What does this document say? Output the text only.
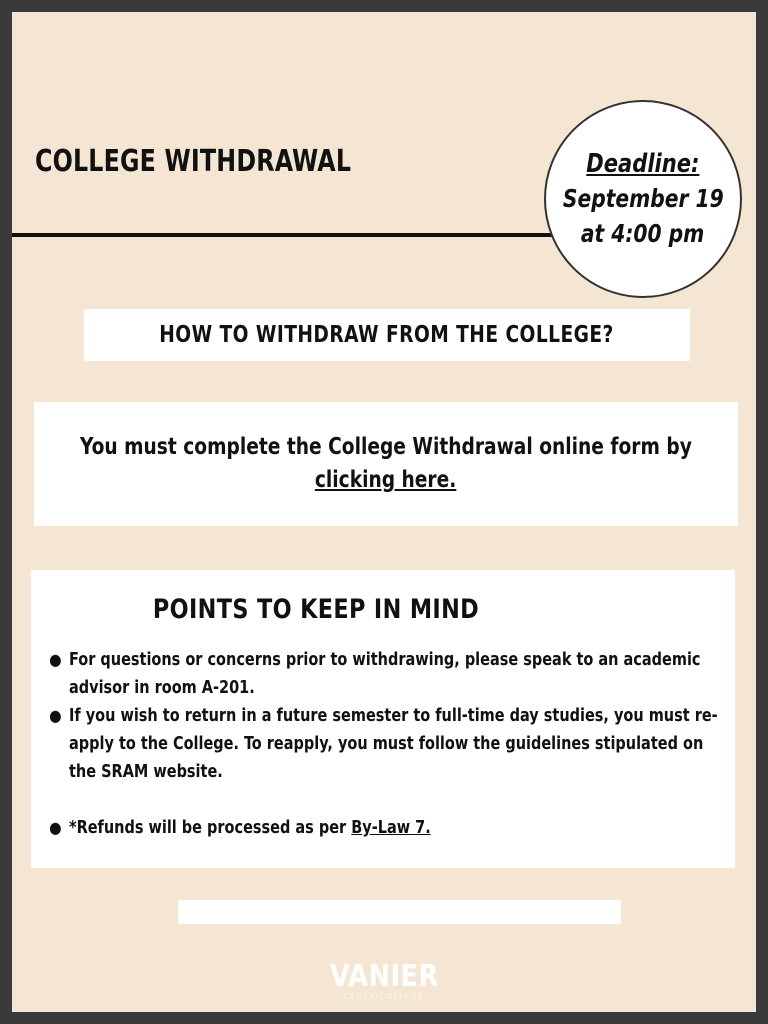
COLLEGE WITHDRAWAL	Deadline:
September 19
at 4:00 pm
HOW TO WITHDRAW FROM THE COLLEGE?
You must complete the College Withdrawal online form by
clicking here.
POINTS TO KEEP IN MIND
● For questions or concerns prior to withdrawing, please speak to an academic advisor in room A-201.
● If you wish to return in a future semester to full-time day studies, you must re-apply to the College. To reapply, you must follow the guidelines stipulated on the SRAM website.
● *Refunds will be processed as per By-Law 7.
VANIER
CÉGEP/COLLEGE
